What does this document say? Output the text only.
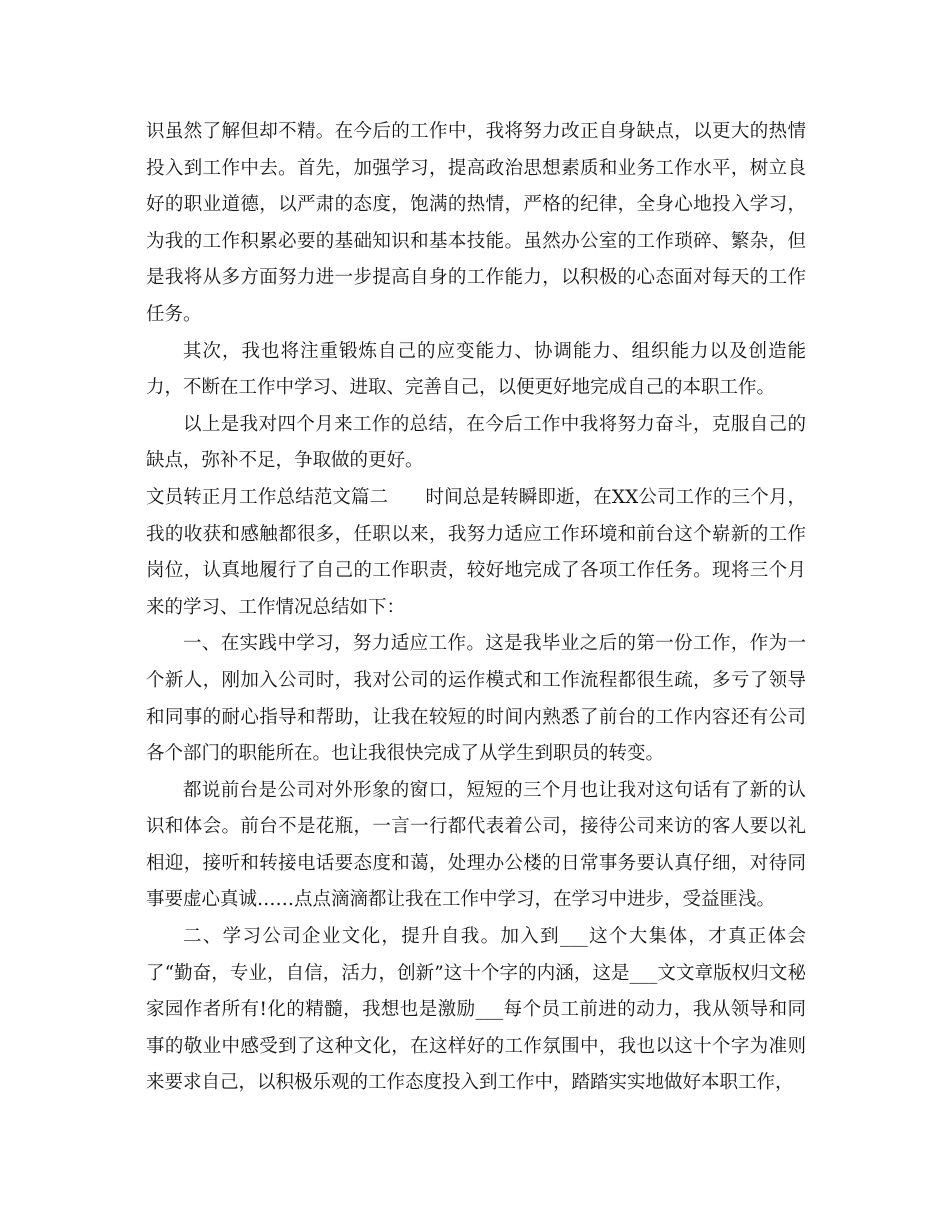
识虽然了解但却不精。在今后的工作中，我将努力改正自身缺点，以更大的热情投入到工作中去。首先，加强学习，提高政治思想素质和业务工作水平，树立良好的职业道德，以严肃的态度，饱满的热情，严格的纪律，全身心地投入学习，为我的工作积累必要的基础知识和基本技能。虽然办公室的工作琐碎、繁杂，但是我将从多方面努力进一步提高自身的工作能力，以积极的心态面对每天的工作任务。

其次，我也将注重锻炼自己的应变能力、协调能力、组织能力以及创造能力，不断在工作中学习、进取、完善自己，以便更好地完成自己的本职工作。

以上是我对四个月来工作的总结，在今后工作中我将努力奋斗，克服自己的缺点，弥补不足，争取做的更好。

文员转正月工作总结范文篇二　　时间总是转瞬即逝，在XX公司工作的三个月，我的收获和感触都很多，任职以来，我努力适应工作环境和前台这个崭新的工作岗位，认真地履行了自己的工作职责，较好地完成了各项工作任务。现将三个月来的学习、工作情况总结如下：

一、在实践中学习，努力适应工作。这是我毕业之后的第一份工作，作为一个新人，刚加入公司时，我对公司的运作模式和工作流程都很生疏，多亏了领导和同事的耐心指导和帮助，让我在较短的时间内熟悉了前台的工作内容还有公司各个部门的职能所在。也让我很快完成了从学生到职员的转变。

都说前台是公司对外形象的窗口，短短的三个月也让我对这句话有了新的认识和体会。前台不是花瓶，一言一行都代表着公司，接待公司来访的客人要以礼相迎，接听和转接电话要态度和蔼，处理办公楼的日常事务要认真仔细，对待同事要虚心真诚……点点滴滴都让我在工作中学习，在学习中进步，受益匪浅。

二、学习公司企业文化，提升自我。加入到___这个大集体，才真正体会了“勤奋，专业，自信，活力，创新”这十个字的内涵，这是___文文章版权归文秘家园作者所有!化的精髓，我想也是激励___每个员工前进的动力，我从领导和同事的敬业中感受到了这种文化，在这样好的工作氛围中，我也以这十个字为准则来要求自己，以积极乐观的工作态度投入到工作中，踏踏实实地做好本职工作，
